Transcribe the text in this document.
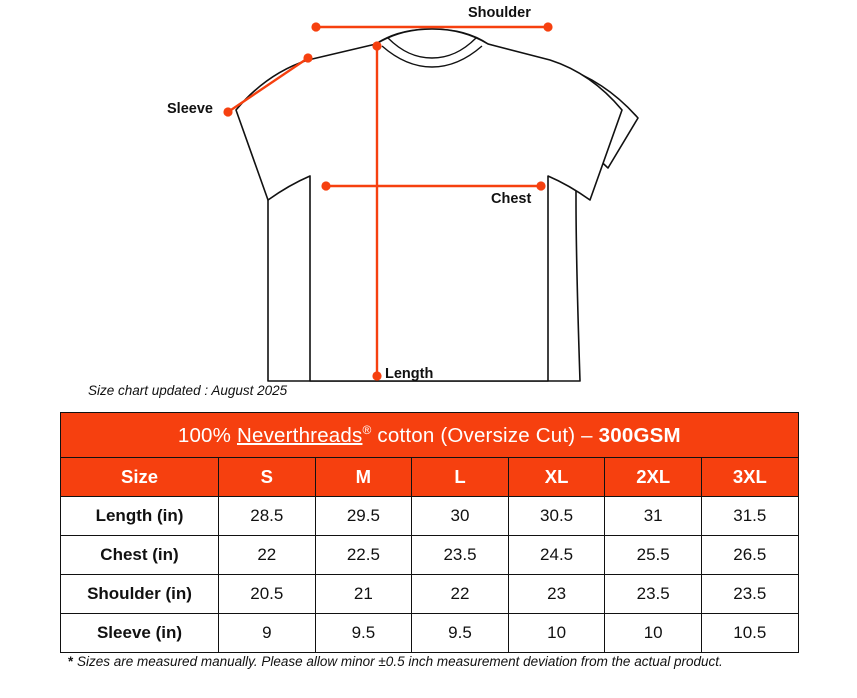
Shoulder
Sleeve
Chest
Length
Size chart updated : August 2025
100% Neverthreads® cotton (Oversize Cut) – 300GSM						
Size	S	M	L	XL	2XL	3XL
Length (in)	28.5	29.5	30	30.5	31	31.5
Chest (in)	22	22.5	23.5	24.5	25.5	26.5
Shoulder (in)	20.5	21	22	23	23.5	23.5
Sleeve (in)	9	9.5	9.5	10	10	10.5
* Sizes are measured manually. Please allow minor ±0.5 inch measurement deviation from the actual product.
